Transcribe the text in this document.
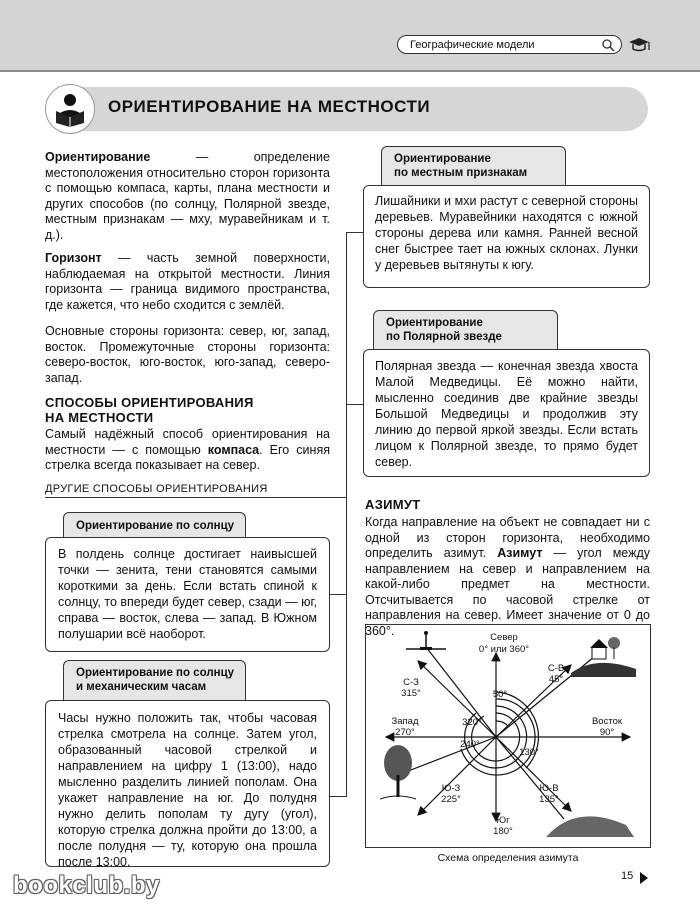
Географические модели
ОРИЕНТИРОВАНИЕ НА МЕСТНОСТИ

Ориентирование	— определение местоположения относительно сторон горизонта с помощью компаса, карты, плана местности и других способов (по солнцу, Полярной звезде, местным признакам — мху, муравейникам и т. д.).

Горизонт — часть земной поверхности, наблюдаемая на открытой местности. Линия горизонта — граница видимого пространства, где кажется, что небо сходится с землёй.

Основные стороны горизонта: север, юг, запад, восток. Промежуточные стороны горизонта: северо-восток, юго-восток, юго-запад, северо-запад.

СПОСОБЫ ОРИЕНТИРОВАНИЯ
НА МЕСТНОСТИ

Самый надёжный способ ориентирования на местности — с помощью компаса. Его синяя стрелка всегда показывает на север.

ДРУГИЕ СПОСОБЫ ОРИЕНТИРОВАНИЯ
Ориентирование по солнцу
В полдень солнце достигает наивысшей точки — зенита, тени становятся самыми короткими за день. Если встать спиной к солнцу, то впереди будет север, сзади — юг, справа — восток, слева — запад. В Южном полушарии всё наоборот.
Ориентирование по солнцу
и механическим часам
Часы нужно положить так, чтобы часовая стрелка смотрела на солнце. Затем угол, образованный часовой стрелкой и направлением на цифру 1 (13:00), надо мысленно разделить линией пополам. Она укажет направление на юг. До полудня нужно делить пополам ту дугу (угол), которую стрелка должна пройти до 13:00, а после полудня — ту, которую она прошла после 13:00.
Ориентирование
по местным признакам
Лишайники и мхи растут с северной стороны деревьев. Муравейники находятся с южной стороны дерева или камня. Ранней весной снег быстрее тает на южных склонах. Лунки у деревьев вытянуты к югу.
Ориентирование
по Полярной звезде
Полярная звезда — конечная звезда хвоста Малой Медведицы. Её можно найти, мысленно соединив две крайние звезды Большой Медведицы и продолжив эту линию до первой яркой звезды. Если встать лицом к Полярной звезде, то прямо будет север.
АЗИМУТ

Когда направление на объект не совпадает ни с одной из сторон горизонта, необходимо определить азимут. Азимут — угол между направлением на север и направлением на какой-либо предмет на местности. Отсчитывается по часовой стрелке от направления на север. Имеет значение от 0 до 360°.	Север
0° или 360°
С-В
45°
С-З
315°
Запад
270°
Восток
90°
Ю-З
225°
Ю-В
135°
Юг
180°
50°
320°
240°
130°
Схема определения азимута
15
bookclub.by
